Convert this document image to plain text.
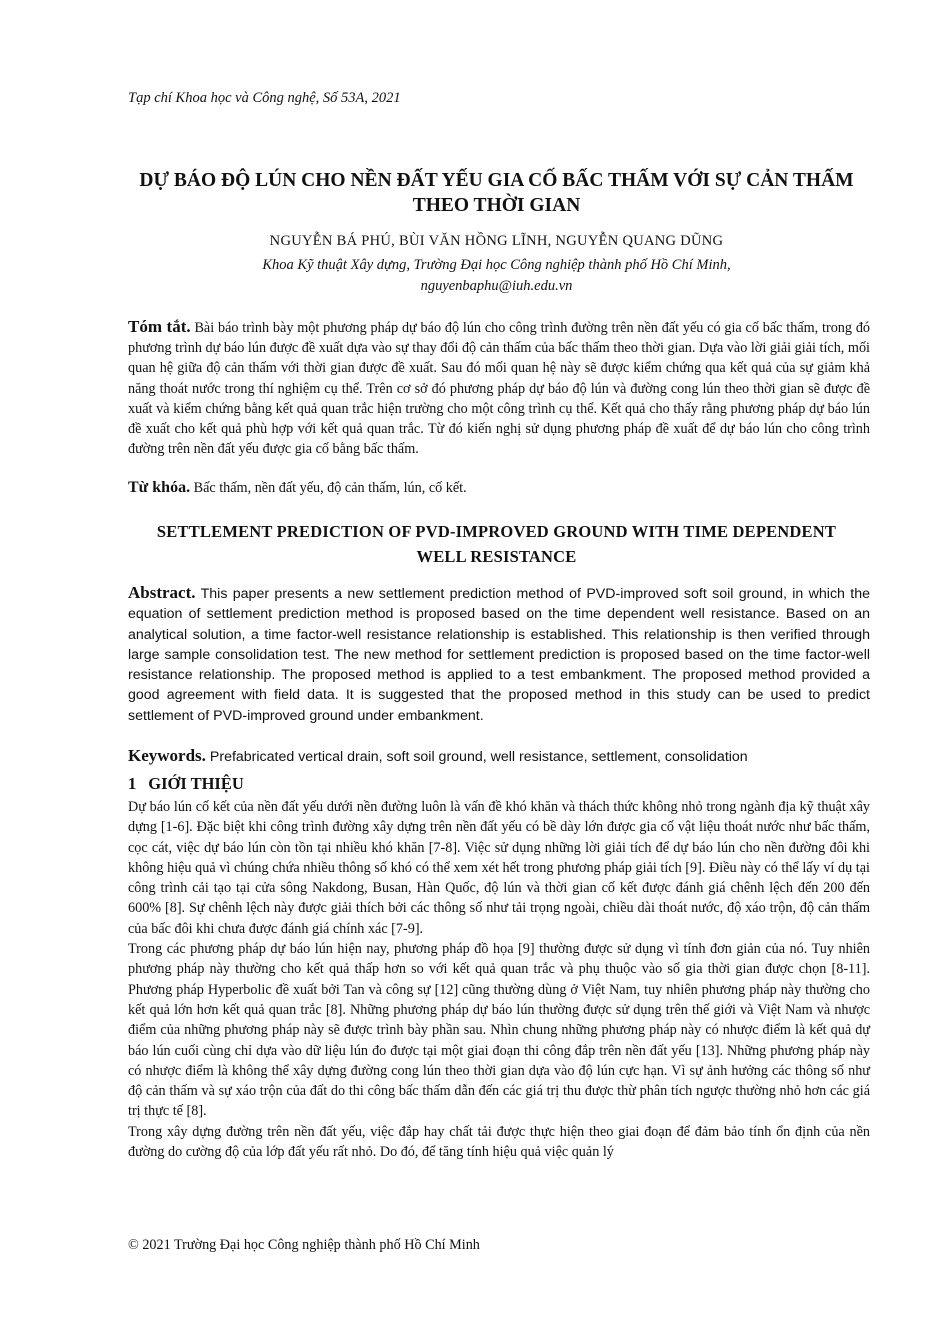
Tạp chí Khoa học và Công nghệ, Số 53A, 2021
DỰ BÁO ĐỘ LÚN CHO NỀN ĐẤT YẾU GIA CỐ BẤC THẤM VỚI SỰ CẢN THẤM THEO THỜI GIAN
NGUYỄN BÁ PHÚ, BÙI VĂN HỒNG LĨNH, NGUYỄN QUANG DŨNG
Khoa Kỹ thuật Xây dựng, Trường Đại học Công nghiệp thành phố Hồ Chí Minh,
nguyenbaphu@iuh.edu.vn
Tóm tắt. Bài báo trình bày một phương pháp dự báo độ lún cho công trình đường trên nền đất yếu có gia cố bấc thấm, trong đó phương trình dự báo lún được đề xuất dựa vào sự thay đổi độ cản thấm của bấc thấm theo thời gian. Dựa vào lời giải giải tích, mối quan hệ giữa độ cản thấm với thời gian được đề xuất. Sau đó mối quan hệ này sẽ được kiểm chứng qua kết quả của sự giảm khả năng thoát nước trong thí nghiệm cụ thể. Trên cơ sở đó phương pháp dự báo độ lún và đường cong lún theo thời gian sẽ được đề xuất và kiểm chứng bằng kết quả quan trắc hiện trường cho một công trình cụ thể. Kết quả cho thấy rằng phương pháp dự báo lún đề xuất cho kết quả phù hợp với kết quả quan trắc. Từ đó kiến nghị sử dụng phương pháp đề xuất để dự báo lún cho công trình đường trên nền đất yếu được gia cố bằng bấc thấm.
Từ khóa. Bấc thấm, nền đất yếu, độ cản thấm, lún, cố kết.
SETTLEMENT PREDICTION OF PVD-IMPROVED GROUND WITH TIME DEPENDENT WELL RESISTANCE
Abstract. This paper presents a new settlement prediction method of PVD-improved soft soil ground, in which the equation of settlement prediction method is proposed based on the time dependent well resistance. Based on an analytical solution, a time factor-well resistance relationship is established. This relationship is then verified through large sample consolidation test. The new method for settlement prediction is proposed based on the time factor-well resistance relationship. The proposed method is applied to a test embankment. The proposed method provided a good agreement with field data. It is suggested that the proposed method in this study can be used to predict settlement of PVD-improved ground under embankment.
Keywords. Prefabricated vertical drain, soft soil ground, well resistance, settlement, consolidation
1 GIỚI THIỆU

Dự báo lún cố kết của nền đất yếu dưới nền đường luôn là vấn đề khó khăn và thách thức không nhỏ trong ngành địa kỹ thuật xây dựng [1-6]. Đặc biệt khi công trình đường xây dựng trên nền đất yếu có bề dày lớn được gia cố vật liệu thoát nước như bấc thấm, cọc cát, việc dự báo lún còn tồn tại nhiều khó khăn [7-8]. Việc sử dụng những lời giải tích để dự báo lún cho nền đường đôi khi không hiệu quả vì chúng chứa nhiều thông số khó có thể xem xét hết trong phương pháp giải tích [9]. Điều này có thể lấy ví dụ tại công trình cải tạo tại cửa sông Nakdong, Busan, Hàn Quốc, độ lún và thời gian cố kết được đánh giá chênh lệch đến 200 đến 600% [8]. Sự chênh lệch này được giải thích bởi các thông số như tải trọng ngoài, chiều dài thoát nước, độ xáo trộn, độ cản thấm của bấc đôi khi chưa được đánh giá chính xác [7-9].

Trong các phương pháp dự báo lún hiện nay, phương pháp đồ họa [9] thường được sử dụng vì tính đơn giản của nó. Tuy nhiên phương pháp này thường cho kết quả thấp hơn so với kết quả quan trắc và phụ thuộc vào số gia thời gian được chọn [8-11]. Phương pháp Hyperbolic đề xuất bởi Tan và công sự [12] cũng thường dùng ở Việt Nam, tuy nhiên phương pháp này thường cho kết quả lớn hơn kết quả quan trắc [8]. Những phương pháp dự báo lún thường được sử dụng trên thế giới và Việt Nam và nhược điểm của những phương pháp này sẽ được trình bày phần sau. Nhìn chung những phương pháp này có nhược điểm là kết quả dự báo lún cuối cùng chỉ dựa vào dữ liệu lún đo được tại một giai đoạn thi công đắp trên nền đất yếu [13]. Những phương pháp này có nhược điểm là không thể xây dựng đường cong lún theo thời gian dựa vào độ lún cực hạn. Vì sự ảnh hưởng các thông số như độ cản thấm và sự xáo trộn của đất do thi công bấc thấm dẫn đến các giá trị thu được thừ phân tích ngược thường nhỏ hơn các giá trị thực tế [8].

Trong xây dựng đường trên nền đất yếu, việc đắp hay chất tải được thực hiện theo giai đoạn để đảm bảo tính ổn định của nền đường do cường độ của lớp đất yếu rất nhỏ. Do đó, để tăng tính hiệu quả việc quản lý

© 2021 Trường Đại học Công nghiệp thành phố Hồ Chí Minh
